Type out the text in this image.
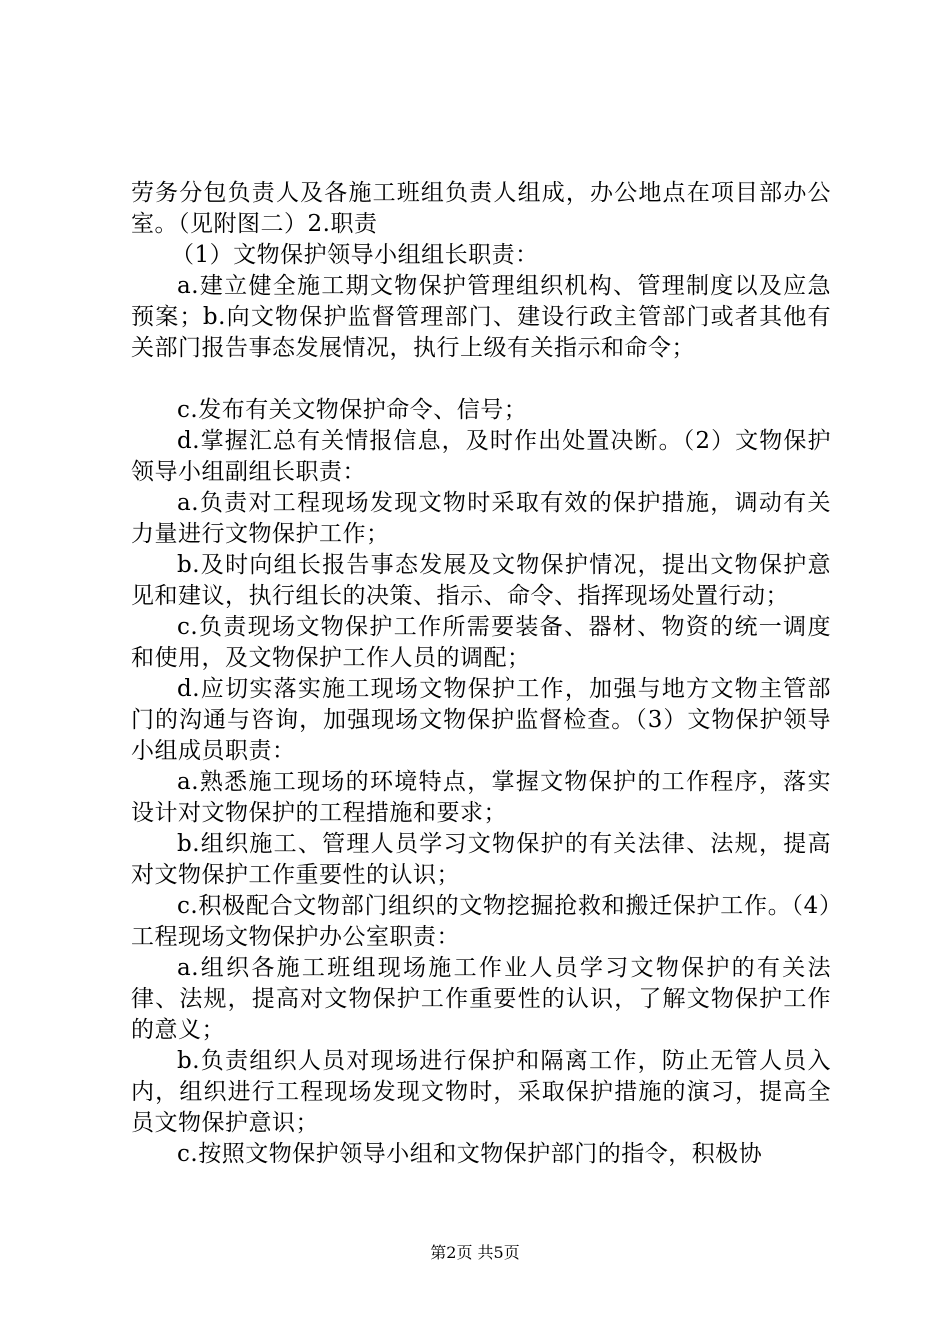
劳务分包负责人及各施工班组负责人组成，办公地点在项目部办公室。（见附图二）2.职责

（1）文物保护领导小组组长职责：

a.建立健全施工期文物保护管理组织机构、管理制度以及应急预案；b.向文物保护监督管理部门、建设行政主管部门或者其他有关部门报告事态发展情况，执行上级有关指示和命令；

c.发布有关文物保护命令、信号；

d.掌握汇总有关情报信息，及时作出处置决断。（2）文物保护领导小组副组长职责：

a.负责对工程现场发现文物时采取有效的保护措施，调动有关力量进行文物保护工作；

b.及时向组长报告事态发展及文物保护情况，提出文物保护意见和建议，执行组长的决策、指示、命令、指挥现场处置行动；

c.负责现场文物保护工作所需要装备、器材、物资的统一调度和使用，及文物保护工作人员的调配；

d.应切实落实施工现场文物保护工作，加强与地方文物主管部门的沟通与咨询，加强现场文物保护监督检查。（3）文物保护领导小组成员职责：

a.熟悉施工现场的环境特点，掌握文物保护的工作程序，落实设计对文物保护的工程措施和要求；

b.组织施工、管理人员学习文物保护的有关法律、法规，提高对文物保护工作重要性的认识；

c.积极配合文物部门组织的文物挖掘抢救和搬迁保护工作。（4）工程现场文物保护办公室职责：

a.组织各施工班组现场施工作业人员学习文物保护的有关法律、法规，提高对文物保护工作重要性的认识，了解文物保护工作的意义；

b.负责组织人员对现场进行保护和隔离工作，防止无管人员入内，组织进行工程现场发现文物时，采取保护措施的演习，提高全员文物保护意识；

c.按照文物保护领导小组和文物保护部门的指令，积极协

第2页 共5页
